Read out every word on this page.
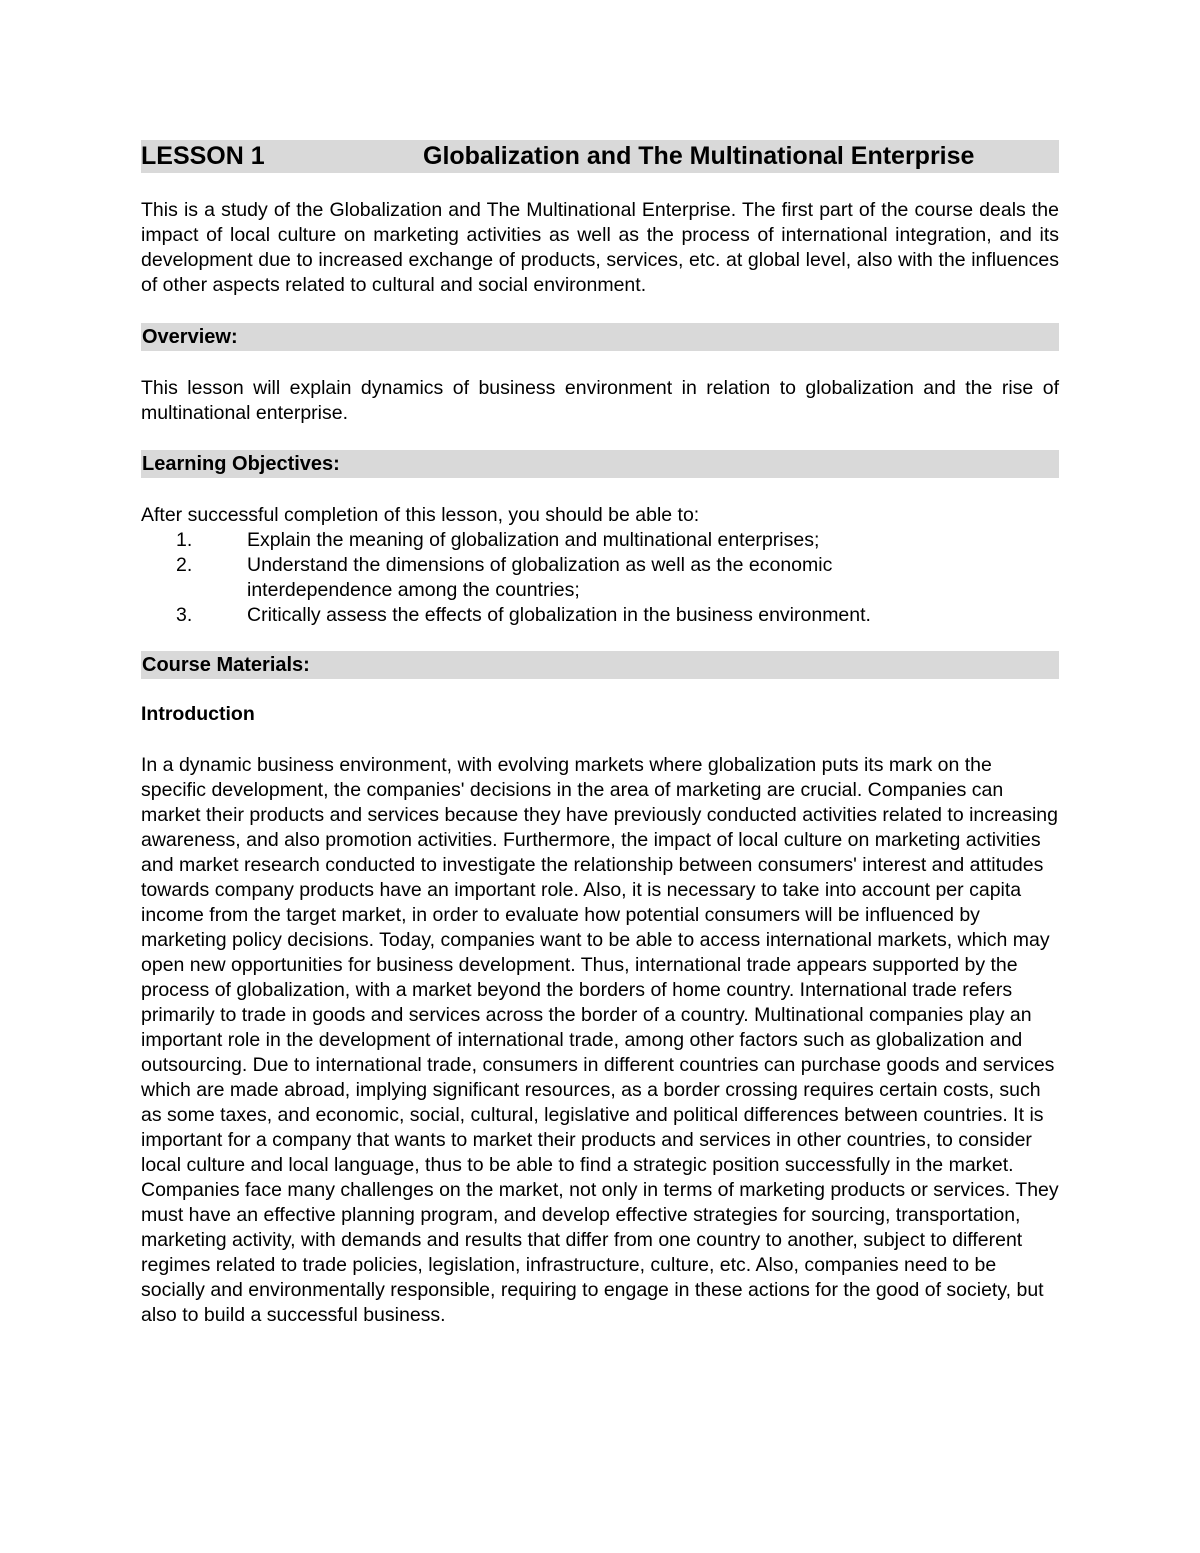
LESSON 1	Globalization and The Multinational Enterprise

This is a study of the Globalization and The Multinational Enterprise. The first part of the course deals the impact of local culture on marketing activities as well as the process of international integration, and its development due to increased exchange of products, services, etc. at global level, also with the influences of other aspects related to cultural and social environment.

Overview:

This lesson will explain dynamics of business environment in relation to globalization and the rise of multinational enterprise.

Learning Objectives:

After successful completion of this lesson, you should be able to:

1.	Explain the meaning of globalization and multinational enterprises;
2.	Understand the dimensions of globalization as well as the economic interdependence among the countries;
3.	Critically assess the effects of globalization in the business environment.
Course Materials:

Introduction

In a dynamic business environment, with evolving markets where globalization puts its mark on the specific development, the companies' decisions in the area of marketing are crucial. Companies can market their products and services because they have previously conducted activities related to increasing awareness, and also promotion activities. Furthermore, the impact of local culture on marketing activities and market research conducted to investigate the relationship between consumers' interest and attitudes towards company products have an important role. Also, it is necessary to take into account per capita income from the target market, in order to evaluate how potential consumers will be influenced by marketing policy decisions. Today, companies want to be able to access international markets, which may open new opportunities for business development. Thus, international trade appears supported by the process of globalization, with a market beyond the borders of home country. International trade refers primarily to trade in goods and services across the border of a country. Multinational companies play an important role in the development of international trade, among other factors such as globalization and outsourcing. Due to international trade, consumers in different countries can purchase goods and services which are made abroad, implying significant resources, as a border crossing requires certain costs, such as some taxes, and economic, social, cultural, legislative and political differences between countries. It is important for a company that wants to market their products and services in other countries, to consider local culture and local language, thus to be able to find a strategic position successfully in the market. Companies face many challenges on the market, not only in terms of marketing products or services. They must have an effective planning program, and develop effective strategies for sourcing, transportation, marketing activity, with demands and results that differ from one country to another, subject to different regimes related to trade policies, legislation, infrastructure, culture, etc. Also, companies need to be socially and environmentally responsible, requiring to engage in these actions for the good of society, but also to build a successful business.
